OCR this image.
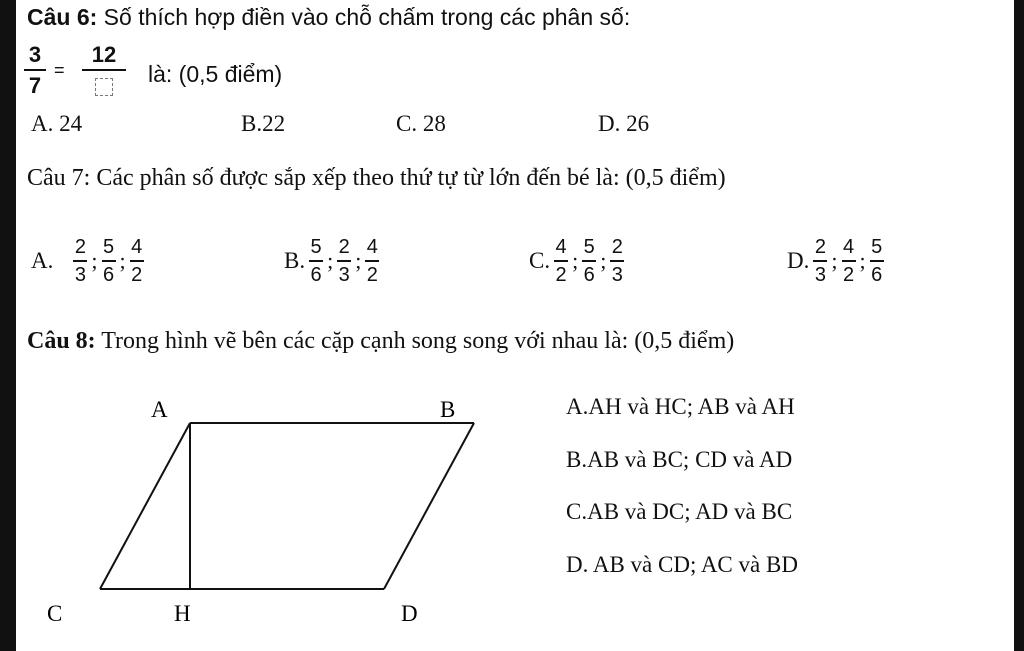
Câu 6: Số thích hợp điền vào chỗ chấm trong các phân số:
3
7
=
12
là: (0,5 điểm)
A. 24	B.22	C. 28	D. 26
Câu 7: Các phân số được sắp xếp theo thứ tự từ lớn đến bé là: (0,5 điểm)
A.
2
3
;
5
6
;
4
2
B.
5
6
;
2
3
;
4
2
C.
4
2
;
5
6
;
2
3
D.
2
3
;
4
2
;
5
6
Câu 8: Trong hình vẽ bên các cặp cạnh song song với nhau là: (0,5 điểm)
A	B
C	H	D
A.AH và HC; AB và AH
B.AB và BC; CD và AD
C.AB và DC; AD và BC
D. AB và CD; AC và BD
